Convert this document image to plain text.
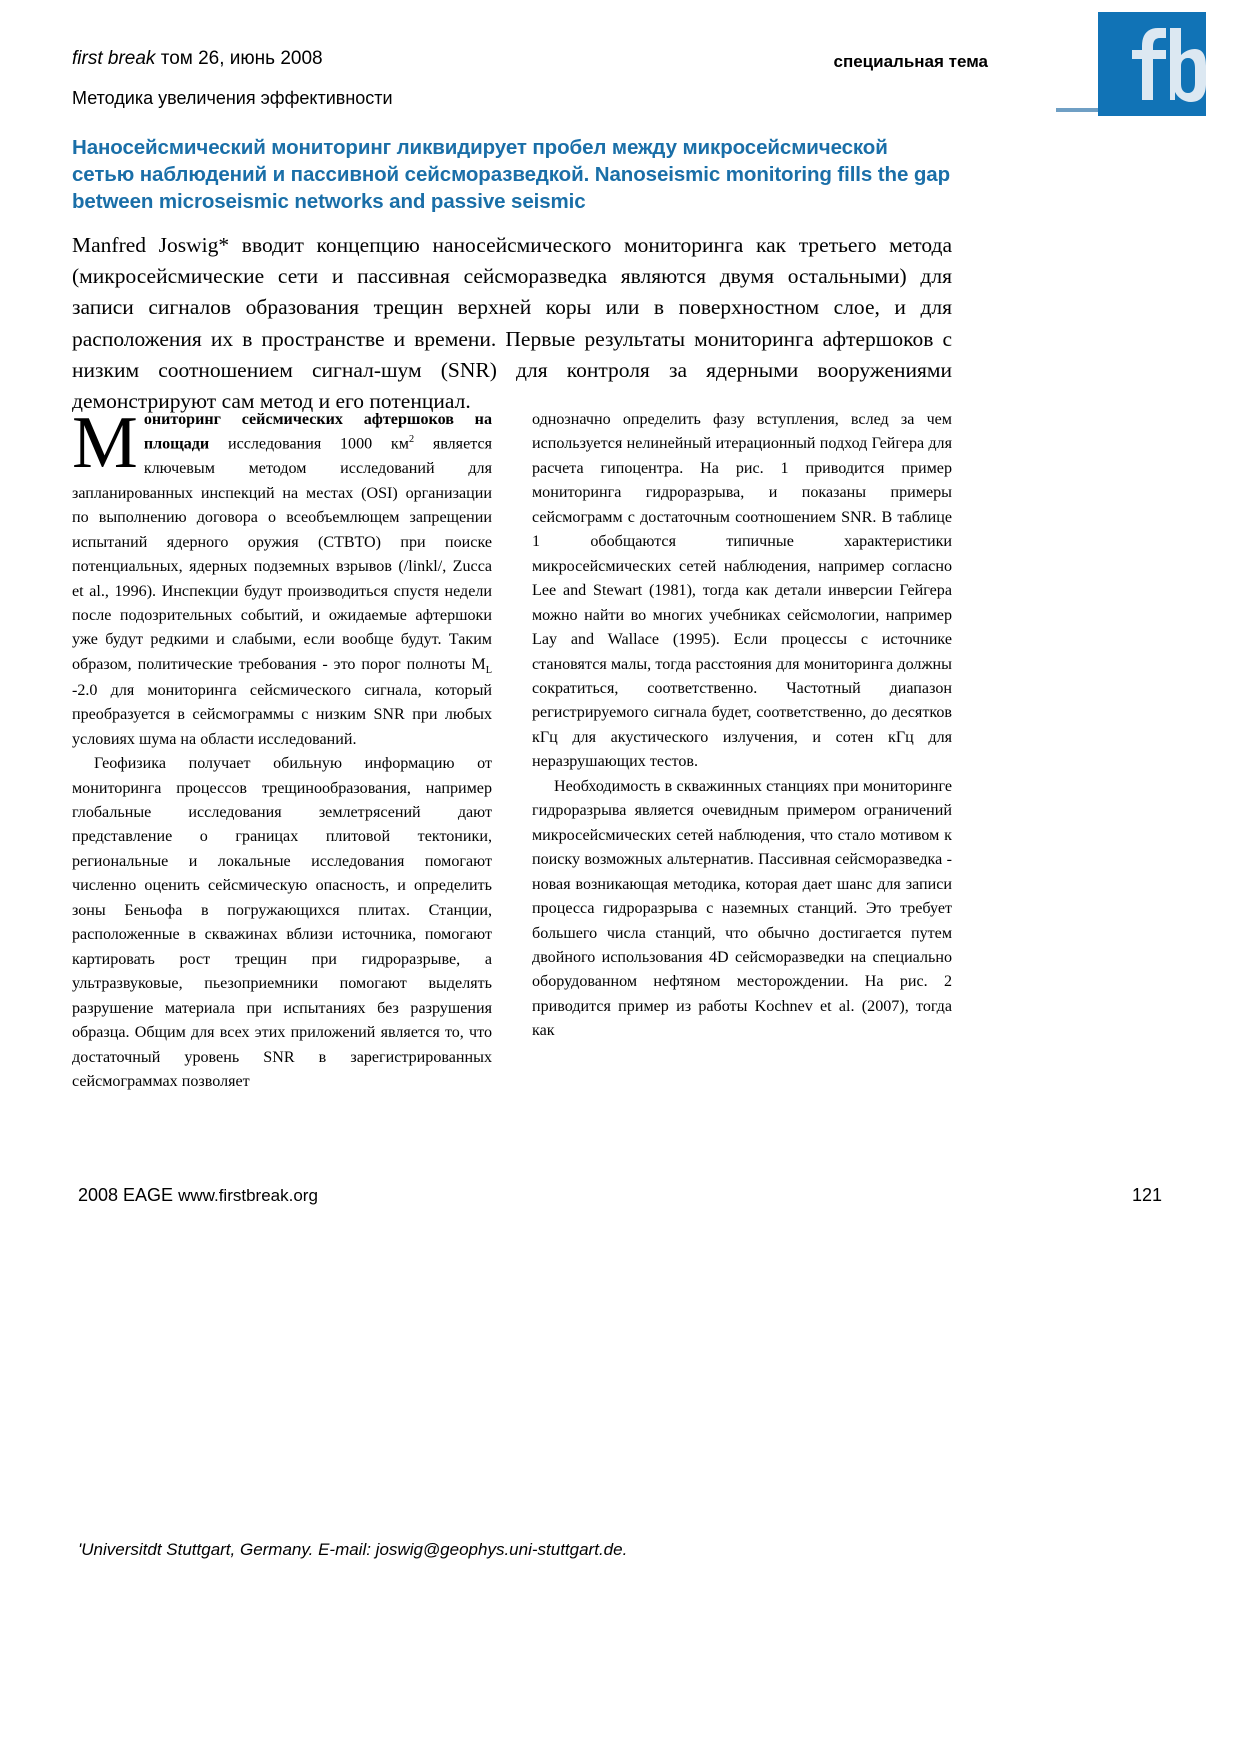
first break том 26, июнь 2008	специальная тема
Методика увеличения эффективности
Наносейсмический мониторинг ликвидирует пробел между микросейсмической сетью наблюдений и пассивной сейсморазведкой. Nanoseismic monitoring fills the gap between microseismic networks and passive seismic
Manfred Joswig* вводит концепцию наносейсмического мониторинга как третьего метода (микросейсмические сети и пассивная сейсморазведка являются двумя остальными) для записи сигналов образования трещин верхней коры или в поверхностном слое, и для расположения их в пространстве и времени. Первые результаты мониторинга афтершоков с низким соотношением сигнал-шум (SNR) для контроля за ядерными вооружениями демонстрируют сам метод и его потенциал.

Мониторинг сейсмических афтершоков на площади исследования 1000 $км^2$ является ключевым методом исследований для запланированных инспекций на местах (OSI) организации по выполнению договора о всеобъемлющем запрещении испытаний ядерного оружия (СТВТО) при поиске потенциальных, ядерных подземных взрывов (/linkl/, Zucca et al., 1996). Инспекции будут производиться спустя недели после подозрительных событий, и ожидаемые афтершоки уже будут редкими и слабыми, если вообще будут. Таким образом, политические требования - это порог полноты $M_L$ -2.0 для мониторинга сейсмического сигнала, который преобразуется в сейсмограммы с низким SNR при любых условиях шума на области исследований.

Геофизика получает обильную информацию от мониторинга процессов трещинообразования, например глобальные исследования землетрясений дают представление о границах плитовой тектоники, региональные и локальные исследования помогают численно оценить сейсмическую опасность, и определить зоны Беньофа в погружающихся плитах. Станции, расположенные в скважинах вблизи источника, помогают картировать рост трещин при гидроразрыве, а ультразвуковые, пьезоприемники помогают выделять разрушение материала при испытаниях без разрушения образца. Общим для всех этих приложений является то, что достаточный уровень SNR в зарегистрированных сейсмограммах позволяет

однозначно определить фазу вступления, вслед за чем используется нелинейный итерационный подход Гейгера для расчета гипоцентра. На рис. 1 приводится пример мониторинга гидроразрыва, и показаны примеры сейсмограмм с достаточным соотношением SNR. В таблице 1 обобщаются типичные характеристики микросейсмических сетей наблюдения, например согласно Lee and Stewart (1981), тогда как детали инверсии Гейгера можно найти во многих учебниках сейсмологии, например Lay and Wallace (1995). Если процессы с источнике становятся малы, тогда расстояния для мониторинга должны сократиться, соответственно. Частотный диапазон регистрируемого сигнала будет, соответственно, до десятков кГц для акустического излучения, и сотен кГц для неразрушающих тестов.

Необходимость в скважинных станциях при мониторинге гидроразрыва является очевидным примером ограничений микросейсмических сетей наблюдения, что стало мотивом к поиску возможных альтернатив. Пассивная сейсморазведка - новая возникающая методика, которая дает шанс для записи процесса гидроразрыва с наземных станций. Это требует большего числа станций, что обычно достигается путем двойного использования 4D сейсморазведки на специально оборудованном нефтяном месторождении. На рис. 2 приводится пример из работы Kochnev et al. (2007), тогда как

2008 EAGE www.firstbreak.org	121
ʹUniversitdt Stuttgart, Germany. E-mail: joswig@geophys.uni-stuttgart.de.
